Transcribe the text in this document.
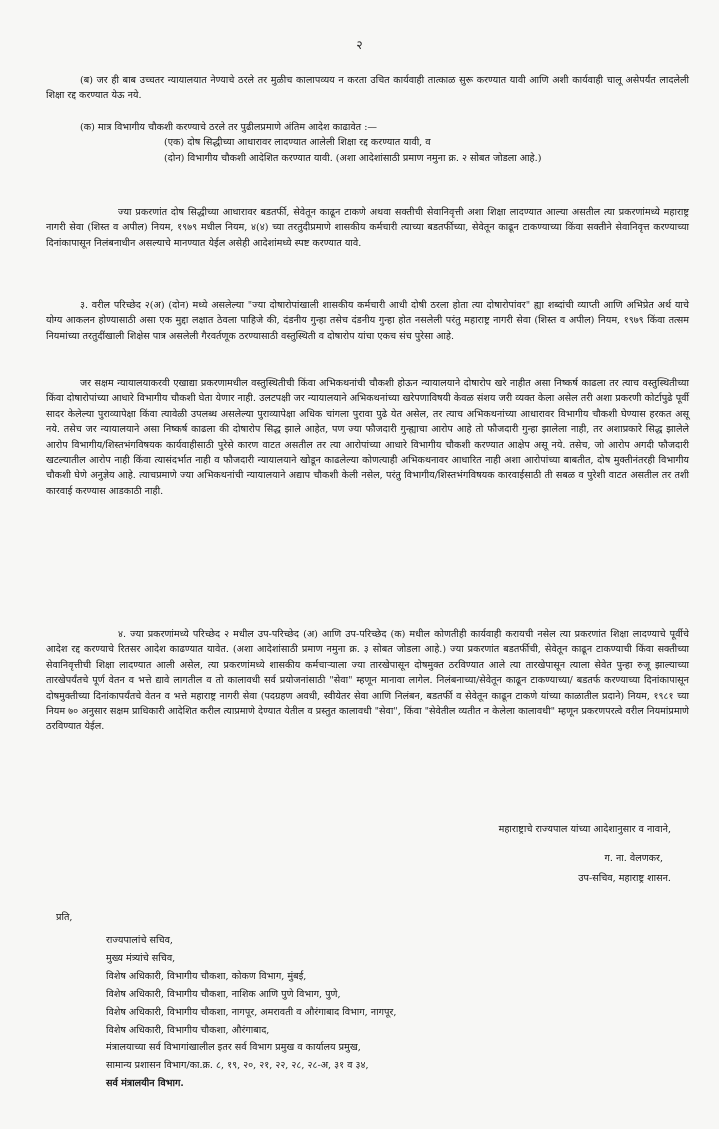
२

(ब) जर ही बाब उच्चतर न्यायालयात नेण्याचे ठरले तर मुळीच कालापव्यय न करता उचित कार्यवाही तात्काळ सुरू करण्यात यावी आणि अशी कार्यवाही चालू असेपर्यंत लादलेली शिक्षा रद्द करण्यात येऊ नये.

(क) मात्र विभागीय चौकशी करण्याचे ठरले तर पुढीलप्रमाणे अंतिम आदेश काढावेत :—

(एक) दोष सिद्धीच्या आधारावर लादण्यात आलेली शिक्षा रद्द करण्यात यावी, व

(दोन) विभागीय चौकशी आदेशित करण्यात यावी. (अशा आदेशांसाठी प्रमाण नमुना क्र. २ सोबत जोडला आहे.)

ज्या प्रकरणांत दोष सिद्धीच्या आधारावर बडतर्फी, सेवेतून काढून टाकणे अथवा सक्तीची सेवानिवृत्ती अशा शिक्षा लादण्यात आल्या असतील त्या प्रकरणांमध्ये महाराष्ट्र नागरी सेवा (शिस्त व अपील) नियम, १९७९ मधील नियम, ४(४) च्या तरतुदीप्रमाणे शासकीय कर्मचारी त्याच्या बडतर्फीच्या, सेवेतून काढून टाकण्याच्या किंवा सक्तीने सेवानिवृत्त करण्याच्या दिनांकापासून निलंबनाधीन असल्याचे मानण्यात येईल असेही आदेशांमध्ये स्पष्ट करण्यात यावे.

३. वरील परिच्छेद २(अ) (दोन) मध्ये असलेल्या "ज्या दोषारोपांखाली शासकीय कर्मचारी आधी दोषी ठरला होता त्या दोषारोपांवर" ह्या शब्दांची व्याप्ती आणि अभिप्रेत अर्थ याचे योग्य आकलन होण्यासाठी असा एक मुद्दा लक्षात ठेवला पाहिजे की, दंडनीय गुन्हा तसेच दंडनीय गुन्हा होत नसलेली परंतु महाराष्ट्र नागरी सेवा (शिस्त व अपील) नियम, १९७९ किंवा तत्सम नियमांच्या तरतुदींखाली शिक्षेस पात्र असलेली गैरवर्तणूक ठरण्यासाठी वस्तुस्थिती व दोषारोप यांचा एकच संच पुरेसा आहे.

जर सक्षम न्यायालयाकरवी एखाद्या प्रकरणामधील वस्तुस्थितीची किंवा अभिकथनांची चौकशी होऊन न्यायालयाने दोषारोप खरे नाहीत असा निष्कर्ष काढला तर त्याच वस्तुस्थितीच्या किंवा दोषारोपांच्या आधारे विभागीय चौकशी घेता येणार नाही. उलटपक्षी जर न्यायालयाने अभिकथनांच्या खरेपणाविषयी केवळ संशय जरी व्यक्त केला असेल तरी अशा प्रकरणी कोर्टापुढे पूर्वी सादर केलेल्या पुराव्यापेक्षा किंवा त्यावेळी उपलब्ध असलेल्या पुराव्यापेक्षा अधिक चांगला पुरावा पुढे येत असेल, तर त्याच अभिकथनांच्या आधारावर विभागीय चौकशी घेण्यास हरकत असू नये. तसेच जर न्यायालयाने असा निष्कर्ष काढला की दोषारोप सिद्ध झाले आहेत, पण ज्या फौजदारी गुन्ह्याचा आरोप आहे तो फौजदारी गुन्हा झालेला नाही, तर अशाप्रकारे सिद्ध झालेले आरोप विभागीय/शिस्तभंगविषयक कार्यवाहीसाठी पुरेसे कारण वाटत असतील तर त्या आरोपांच्या आधारे विभागीय चौकशी करण्यात आक्षेप असू नये. तसेच, जो आरोप अगदी फौजदारी खटल्यातील आरोप नाही किंवा त्यासंदर्भात नाही व फौजदारी न्यायालयाने खोडून काढलेल्या कोणत्याही अभिकथनावर आधारित नाही अशा आरोपांच्या बाबतीत, दोष मुक्तीनंतरही विभागीय चौकशी घेणे अनुज्ञेय आहे. त्याचप्रमाणे ज्या अभिकथनांची न्यायालयाने अद्याप चौकशी केली नसेल, परंतु विभागीय/शिस्तभंगविषयक कारवाईसाठी ती सबळ व पुरेशी वाटत असतील तर तशी कारवाई करण्यास आडकाठी नाही.

४. ज्या प्रकरणांमध्ये परिच्छेद २ मधील उप-परिच्छेद (अ) आणि उप-परिच्छेद (क) मधील कोणतीही कार्यवाही करायची नसेल त्या प्रकरणांत शिक्षा लादण्याचे पूर्वीचे आदेश रद्द करण्याचे रितसर आदेश काढण्यात यावेत. (अशा आदेशांसाठी प्रमाण नमुना क्र. ३ सोबत जोडला आहे.) ज्या प्रकरणांत बडतर्फीची, सेवेतून काढून टाकण्याची किंवा सक्तीच्या सेवानिवृत्तीची शिक्षा लादण्यात आली असेल, त्या प्रकरणांमध्ये शासकीय कर्मचाऱ्याला ज्या तारखेपासून दोषमुक्त ठरविण्यात आले त्या तारखेपासून त्याला सेवेत पुन्हा रुजू झाल्याच्या तारखेपर्यंतचे पूर्ण वेतन व भत्ते द्यावे लागतील व तो कालावधी सर्व प्रयोजनांसाठी "सेवा" म्हणून मानावा लागेल. निलंबनाच्या/सेवेतून काढून टाकण्याच्या/ बडतर्फ करण्याच्या दिनांकापासून दोषमुक्तीच्या दिनांकापर्यंतचे वेतन व भत्ते महाराष्ट्र नागरी सेवा (पदग्रहण अवधी, स्वीयेतर सेवा आणि निलंबन, बडतर्फी व सेवेतून काढून टाकणे यांच्या काळातील प्रदाने) नियम, १९८१ च्या नियम ७० अनुसार सक्षम प्राधिकारी आदेशित करील त्याप्रमाणे देण्यात येतील व प्रस्तुत कालावधी "सेवा", किंवा "सेवेतील व्यतीत न केलेला कालावधी" म्हणून प्रकरणपरत्वे वरील नियमांप्रमाणे ठरविण्यात येईल.

महाराष्ट्राचे राज्यपाल यांच्या आदेशानुसार व नावाने,
ग. ना. वेलणकर,
उप-सचिव, महाराष्ट्र शासन.
प्रति,
राज्यपालांचे सचिव,
मुख्य मंत्र्यांचे सचिव,
विशेष अधिकारी, विभागीय चौकशा, कोकण विभाग, मुंबई,
विशेष अधिकारी, विभागीय चौकशा, नाशिक आणि पुणे विभाग, पुणे,
विशेष अधिकारी, विभागीय चौकशा, नागपूर, अमरावती व औरंगाबाद विभाग, नागपूर,
विशेष अधिकारी, विभागीय चौकशा, औरंगाबाद,
मंत्रालयाच्या सर्व विभागांखालील इतर सर्व विभाग प्रमुख व कार्यालय प्रमुख,
सामान्य प्रशासन विभाग/का.क्र. ८, १९, २०, २१, २२, २८, २८-अ, ३१ व ३४,
सर्व मंत्रालयीन विभाग.
